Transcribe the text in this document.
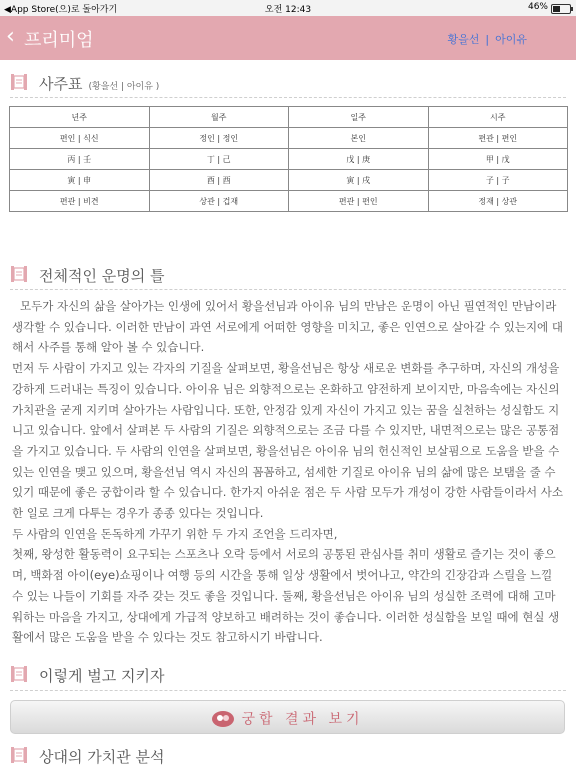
◀App Store(으)로 돌아가기	오전 12:43	46%
‹ 프리미엄	황을선 | 아이유
사주표 (황을선 | 아이유 )
년주	월주	일주	시주
편인 | 식신	정인 | 정인	본인	편관 | 편인
丙 | 壬	丁 | 己	戊 | 庚	甲 | 戊
寅 | 申	酉 | 酉	寅 | 戌	子 | 子
편관 | 비견	상관 | 겁재	편관 | 편인	정재 | 상관
전체적인 운명의 틀

모두가 자신의 삶을 살아가는 인생에 있어서 황을선님과 아이유 님의 만남은 운명이 아닌 필연적인 만남이라 생각할 수 있습니다. 이러한 만남이 과연 서로에게 어떠한 영향을 미치고, 좋은 인연으로 살아갈 수 있는지에 대해서 사주를 통해 알아 볼 수 있습니다.

먼저 두 사람이 가지고 있는 각자의 기질을 살펴보면, 황을선님은 항상 새로운 변화를 추구하며, 자신의 개성을 강하게 드러내는 특징이 있습니다. 아이유 님은 외향적으로는 온화하고 얌전하게 보이지만, 마음속에는 자신의 가치관을 굳게 지키며 살아가는 사람입니다. 또한, 안정감 있게 자신이 가지고 있는 꿈을 실천하는 성실함도 지니고 있습니다. 앞에서 살펴본 두 사람의 기질은 외향적으로는 조금 다를 수 있지만, 내면적으로는 많은 공통점을 가지고 있습니다. 두 사람의 인연을 살펴보면, 황을선님은 아이유 님의 헌신적인 보살핌으로 도움을 받을 수 있는 인연을 맺고 있으며, 황을선님 역시 자신의 꼼꼼하고, 섬세한 기질로 아이유 님의 삶에 많은 보탬을 줄 수 있기 때문에 좋은 궁합이라 할 수 있습니다. 한가지 아쉬운 점은 두 사람 모두가 개성이 강한 사람들이라서 사소한 일로 크게 다투는 경우가 종종 있다는 것입니다.

두 사람의 인연을 돈독하게 가꾸기 위한 두 가지 조언을 드리자면,

첫째, 왕성한 활동력이 요구되는 스포츠나 오락 등에서 서로의 공통된 관심사를 취미 생활로 즐기는 것이 좋으며, 백화점 아이(eye)쇼핑이나 여행 등의 시간을 통해 일상 생활에서 벗어나고, 약간의 긴장감과 스릴을 느낄 수 있는 나들이 기회를 자주 갖는 것도 좋을 것입니다. 둘째, 황을선님은 아이유 님의 성실한 조력에 대해 고마워하는 마음을 가지고, 상대에게 가급적 양보하고 배려하는 것이 좋습니다. 이러한 성실함을 보일 때에 현실 생활에서 많은 도움을 받을 수 있다는 것도 참고하시기 바랍니다.

이렇게 벌고 지키자
궁합 결과 보기
상대의 가치관 분석
